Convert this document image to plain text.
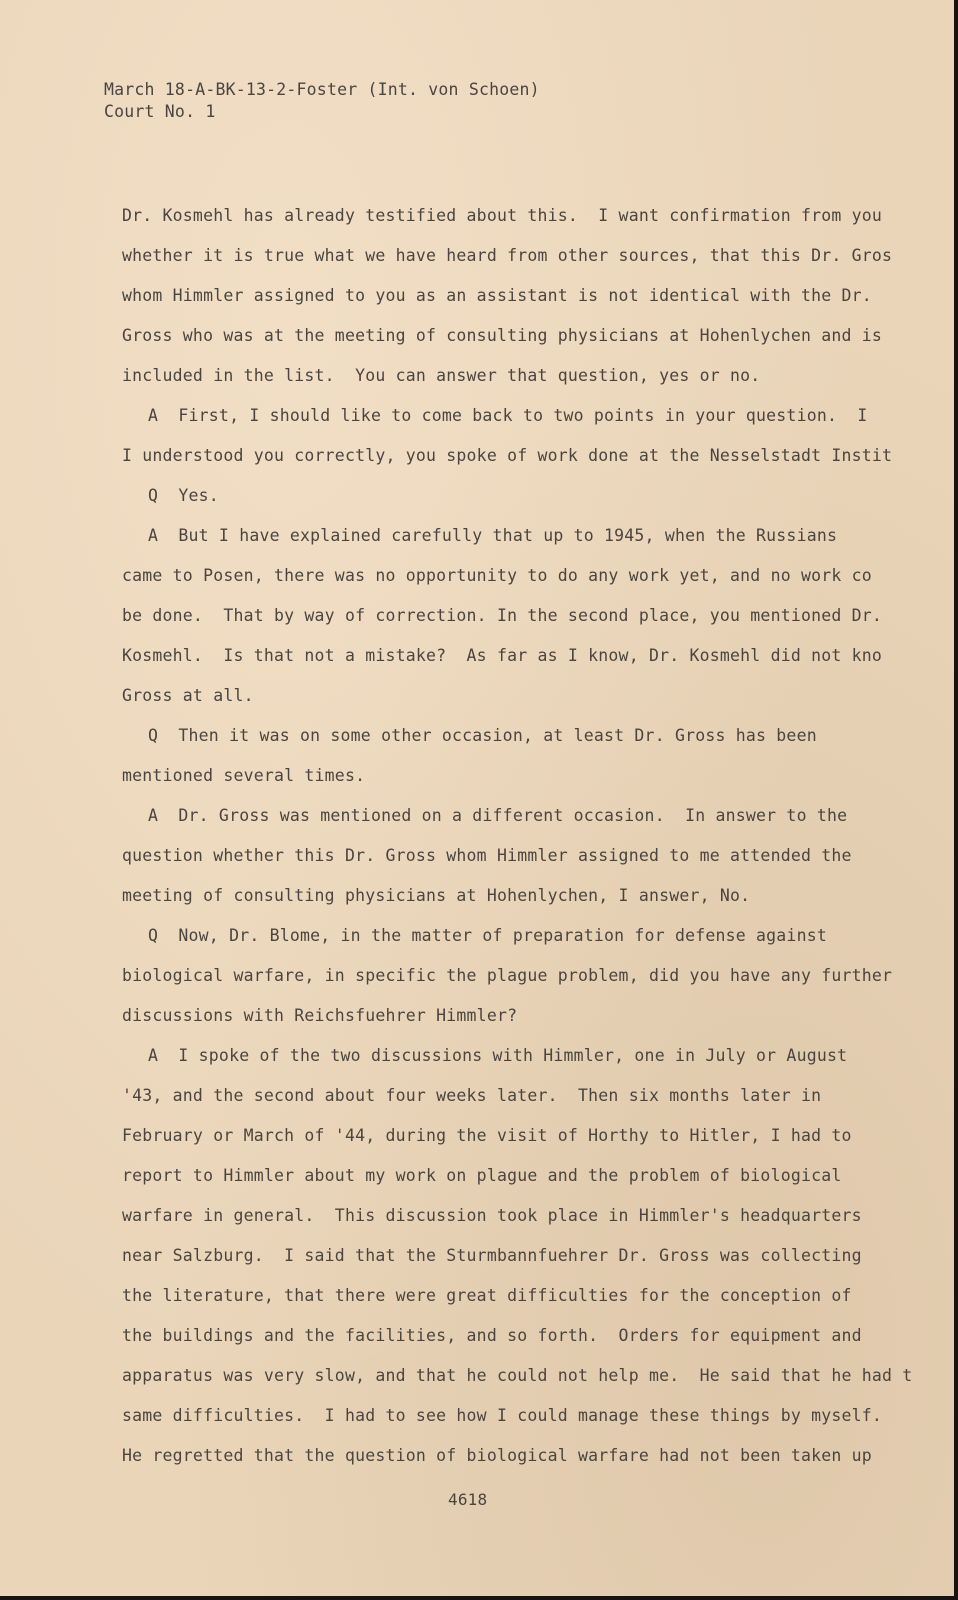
March 18-A-BK-13-2-Foster (Int. von Schoen)
Court No. 1
Dr. Kosmehl has already testified about this.  I want confirmation from you
whether it is true what we have heard from other sources, that this Dr. Gros
whom Himmler assigned to you as an assistant is not identical with the Dr.
Gross who was at the meeting of consulting physicians at Hohenlychen and is
included in the list.  You can answer that question, yes or no.
A  First, I should like to come back to two points in your question.  I
I understood you correctly, you spoke of work done at the Nesselstadt Instit
Q  Yes.
A  But I have explained carefully that up to 1945, when the Russians
came to Posen, there was no opportunity to do any work yet, and no work co
be done.  That by way of correction. In the second place, you mentioned Dr.
Kosmehl.  Is that not a mistake?  As far as I know, Dr. Kosmehl did not kno
Gross at all.
Q  Then it was on some other occasion, at least Dr. Gross has been
mentioned several times.
A  Dr. Gross was mentioned on a different occasion.  In answer to the
question whether this Dr. Gross whom Himmler assigned to me attended the
meeting of consulting physicians at Hohenlychen, I answer, No.
Q  Now, Dr. Blome, in the matter of preparation for defense against
biological warfare, in specific the plague problem, did you have any further
discussions with Reichsfuehrer Himmler?
A  I spoke of the two discussions with Himmler, one in July or August
'43, and the second about four weeks later.  Then six months later in
February or March of '44, during the visit of Horthy to Hitler, I had to
report to Himmler about my work on plague and the problem of biological
warfare in general.  This discussion took place in Himmler's headquarters
near Salzburg.  I said that the Sturmbannfuehrer Dr. Gross was collecting
the literature, that there were great difficulties for the conception of
the buildings and the facilities, and so forth.  Orders for equipment and
apparatus was very slow, and that he could not help me.  He said that he had t
same difficulties.  I had to see how I could manage these things by myself.
He regretted that the question of biological warfare had not been taken up
4618
